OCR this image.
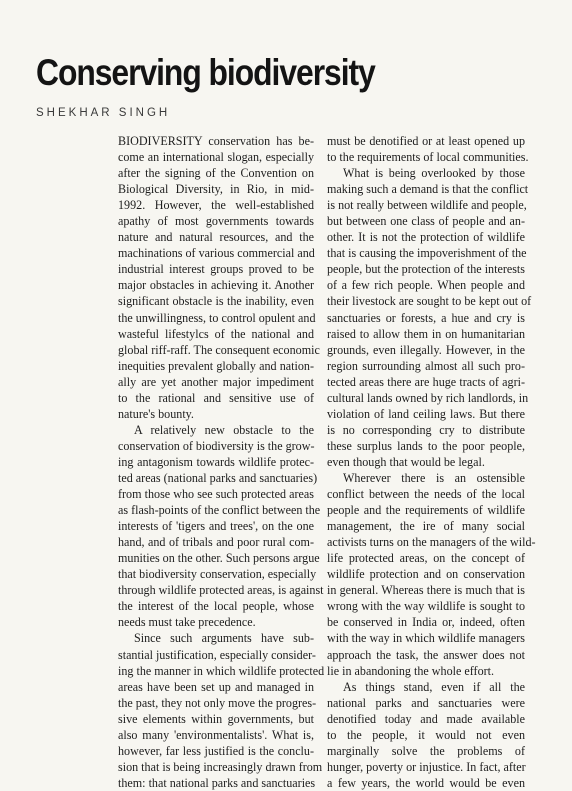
Conserving biodiversity
SHEKHAR SINGH
BIODIVERSITY conservation has be-
come an international slogan, especially
after the signing of the Convention on
Biological Diversity, in Rio, in mid-
1992. However, the well-established
apathy of most governments towards
nature and natural resources, and the
machinations of various commercial and
industrial interest groups proved to be
major obstacles in achieving it. Another
significant obstacle is the inability, even
the unwillingness, to control opulent and
wasteful lifestylcs of the national and
global riff-raff. The consequent economic
inequities prevalent globally and nation-
ally are yet another major impediment
to the rational and sensitive use of
nature's bounty.
A relatively new obstacle to the
conservation of biodiversity is the grow-
ing antagonism towards wildlife protec-
ted areas (national parks and sanctuaries)
from those who see such protected areas
as flash-points of the conflict between the
interests of 'tigers and trees', on the one
hand, and of tribals and poor rural com-
munities on the other. Such persons argue
that biodiversity conservation, especially
through wildlife protected areas, is against
the interest of the local people, whose
needs must take precedence.
Since such arguments have sub-
stantial justification, especially consider-
ing the manner in which wildlife protected
areas have been set up and managed in
the past, they not only move the progres-
sive elements within governments, but
also many 'environmentalists'. What is,
however, far less justified is the conclu-
sion that is being increasingly drawn from
them: that national parks and sanctuaries
must be denotified or at least opened up
to the requirements of local communities.
What is being overlooked by those
making such a demand is that the conflict
is not really between wildlife and people,
but between one class of people and an-
other. It is not the protection of wildlife
that is causing the impoverishment of the
people, but the protection of the interests
of a few rich people. When people and
their livestock are sought to be kept out of
sanctuaries or forests, a hue and cry is
raised to allow them in on humanitarian
grounds, even illegally. However, in the
region surrounding almost all such pro-
tected areas there are huge tracts of agri-
cultural lands owned by rich landlords, in
violation of land ceiling laws. But there
is no corresponding cry to distribute
these surplus lands to the poor people,
even though that would be legal.
Wherever there is an ostensible
conflict between the needs of the local
people and the requirements of wildlife
management, the ire of many social
activists turns on the managers of the wild-
life protected areas, on the concept of
wildlife protection and on conservation
in general. Whereas there is much that is
wrong with the way wildlife is sought to
be conserved in India or, indeed, often
with the way in which wildlife managers
approach the task, the answer does not
lie in abandoning the whole effort.
As things stand, even if all the
national parks and sanctuaries were
denotified today and made available
to the people, it would not even
marginally solve the problems of
hunger, poverty or injustice. In fact, after
a few years, the world would be even
